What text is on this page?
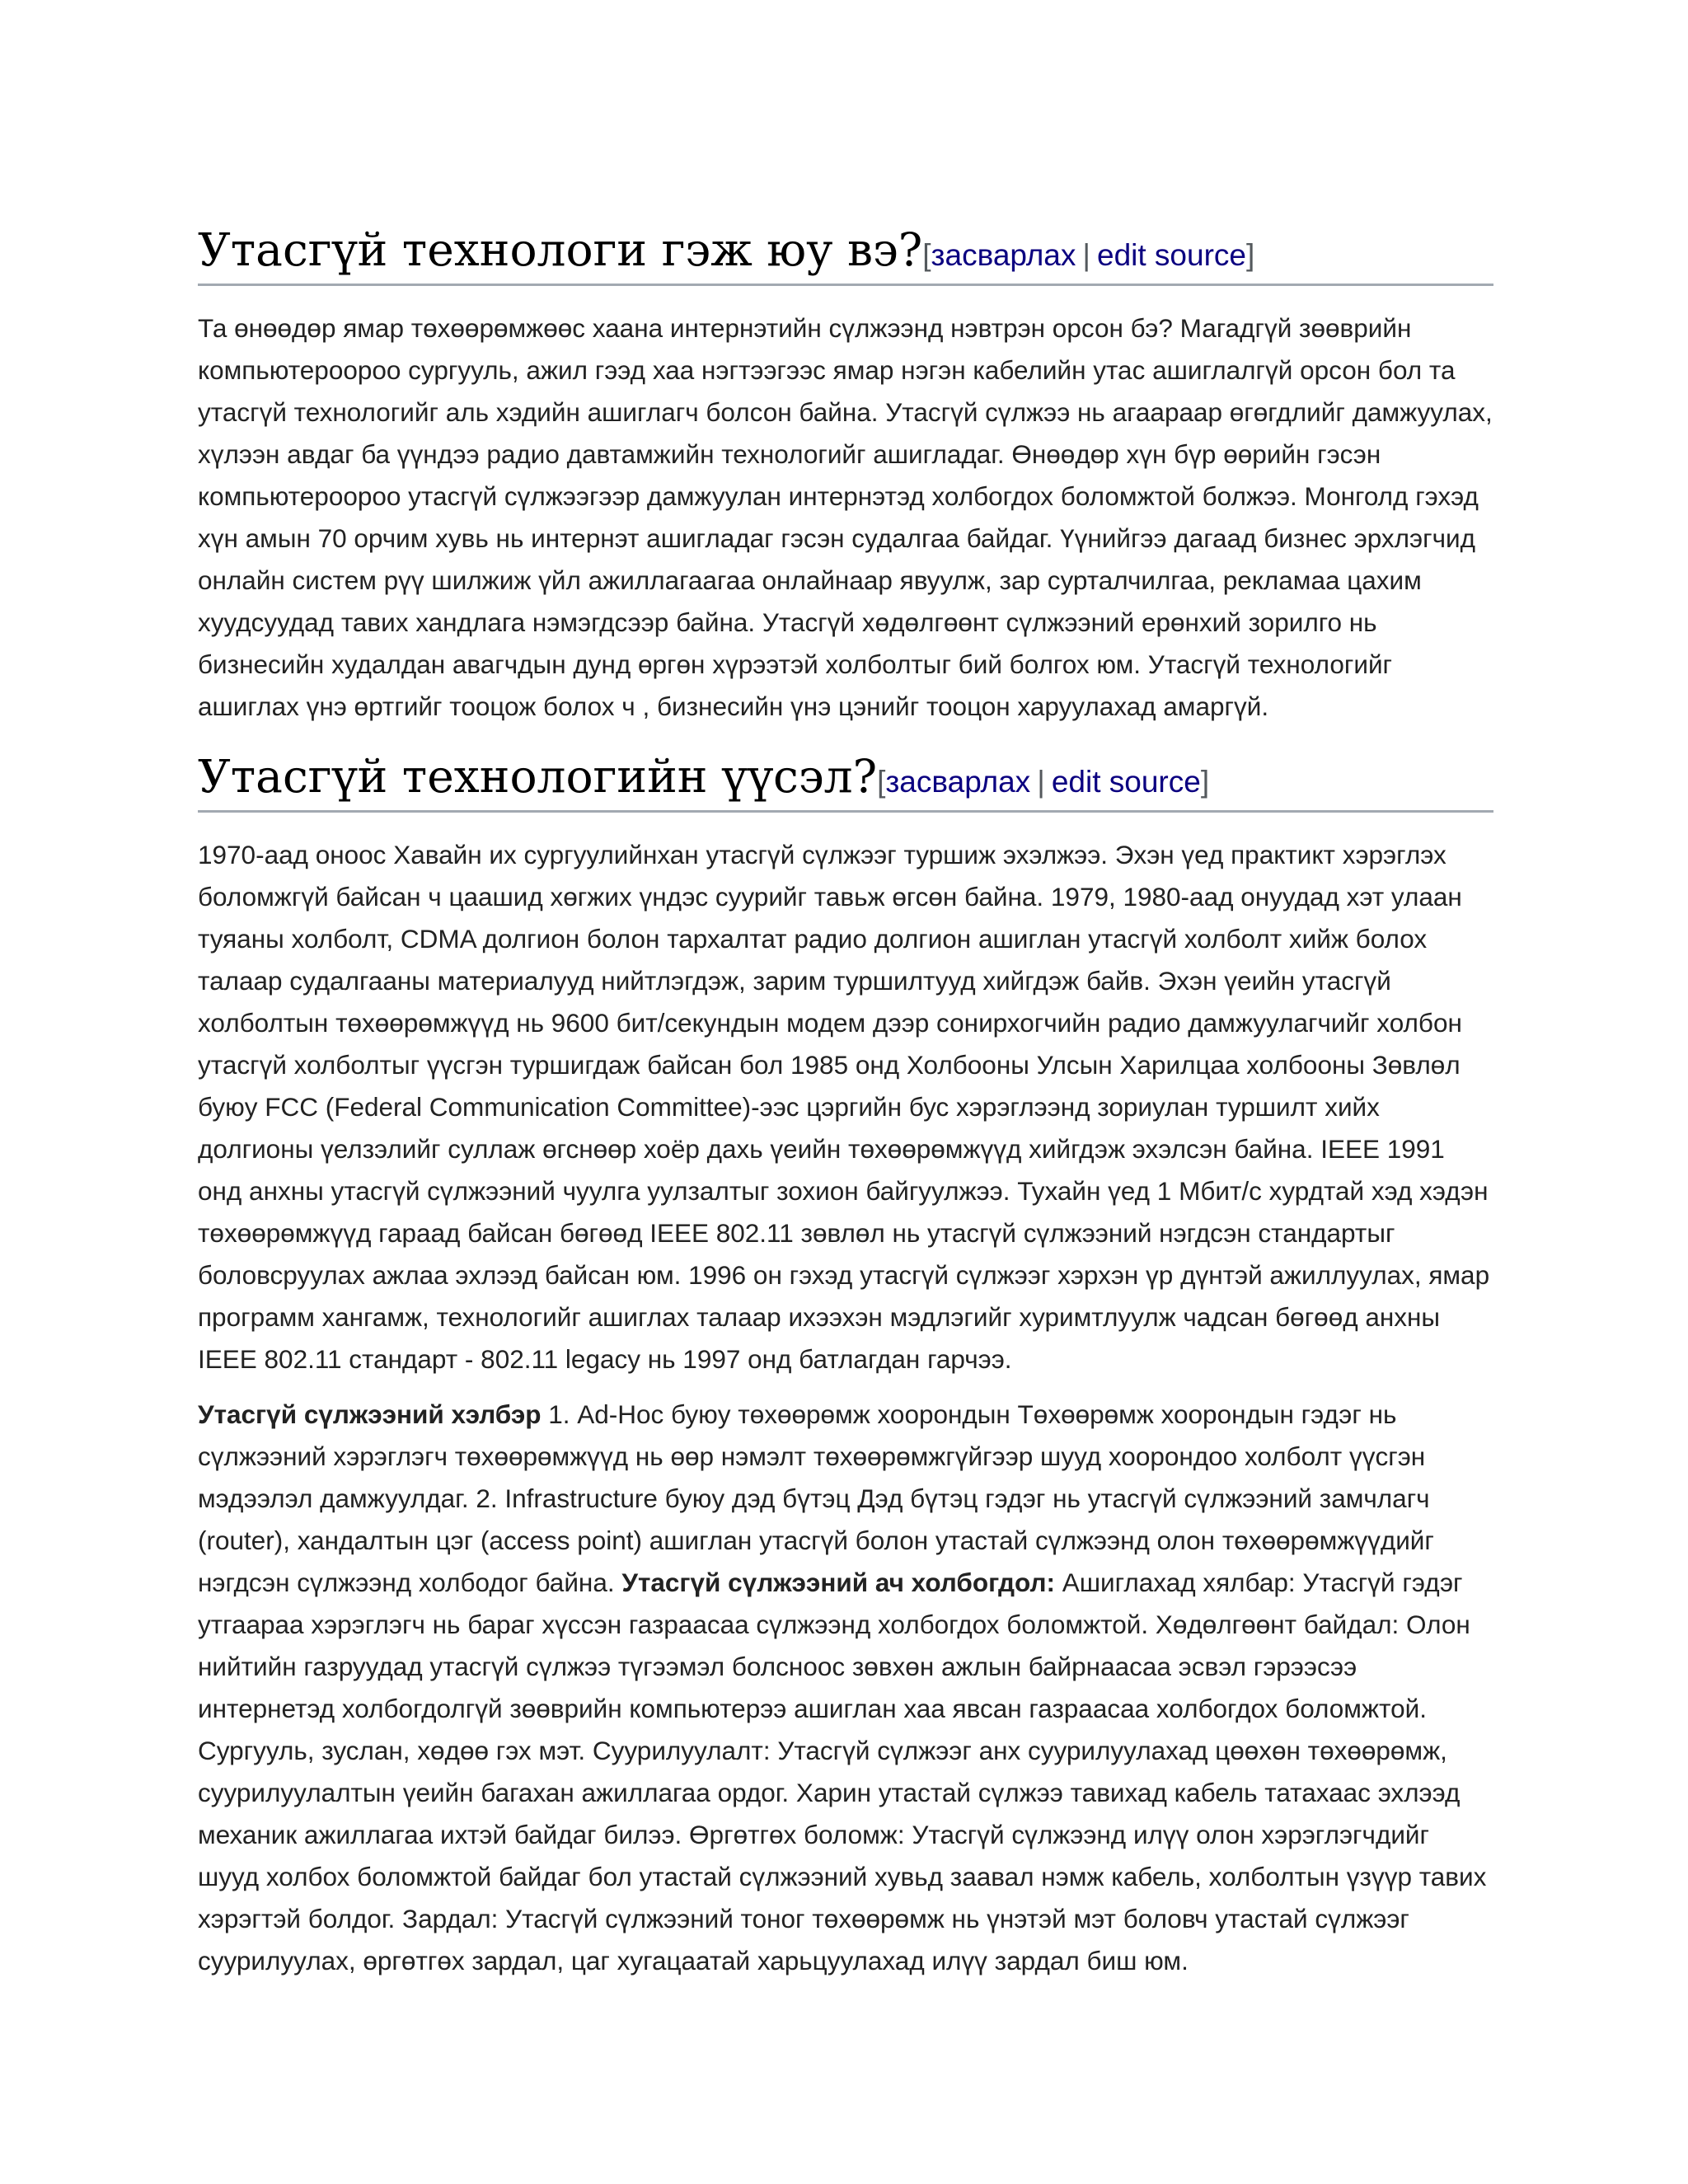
Утасгүй технологи гэж юу вэ?[засварлах | edit source]

Та өнөөдөр ямар төхөөрөмжөөс хаана интернэтийн сүлжээнд нэвтрэн орсон бэ? Магадгүй зөөврийн компьютероороо сургууль, ажил гээд хаа нэгтээгээс ямар нэгэн кабелийн утас ашиглалгүй орсон бол та утасгүй технологийг аль хэдийн ашиглагч болсон байна. Утасгүй сүлжээ нь агаараар өгөгдлийг дамжуулах, хүлээн авдаг ба үүндээ радио давтамжийн технологийг ашигладаг. Өнөөдөр хүн бүр өөрийн гэсэн компьютероороо утасгүй сүлжээгээр дамжуулан интернэтэд холбогдох боломжтой болжээ. Монголд гэхэд хүн амын 70 орчим хувь нь интернэт ашигладаг гэсэн судалгаа байдаг. Үүнийгээ дагаад бизнес эрхлэгчид онлайн систем рүү шилжиж үйл ажиллагаагаа онлайнаар явуулж, зар сурталчилгаа, рекламаа цахим хуудсуудад тавих хандлага нэмэгдсээр байна. Утасгүй хөдөлгөөнт сүлжээний ерөнхий зорилго нь бизнесийн худалдан авагчдын дунд өргөн хүрээтэй холболтыг бий болгох юм. Утасгүй технологийг ашиглах үнэ өртгийг тооцож болох ч , бизнесийн үнэ цэнийг тооцон харуулахад амаргүй.

Утасгүй технологийн үүсэл?[засварлах | edit source]

1970-аад оноос Хавайн их сургуулийнхан утасгүй сүлжээг туршиж эхэлжээ. Эхэн үед практикт хэрэглэх боломжгүй байсан ч цаашид хөгжих үндэс суурийг тавьж өгсөн байна. 1979, 1980-аад онуудад хэт улаан туяаны холболт, CDMA долгион болон тархалтат радио долгион ашиглан утасгүй холболт хийж болох талаар судалгааны материалууд нийтлэгдэж, зарим туршилтууд хийгдэж байв. Эхэн үеийн утасгүй холболтын төхөөрөмжүүд нь 9600 бит/секундын модем дээр сонирхогчийн радио дамжуулагчийг холбон утасгүй холболтыг үүсгэн туршигдаж байсан бол 1985 онд Холбооны Улсын Харилцаа холбооны Зөвлөл буюу FCC (Federal Communication Committee)-ээс цэргийн бус хэрэглээнд зориулан туршилт хийх долгионы үелзэлийг суллаж өгснөөр хоёр дахь үеийн төхөөрөмжүүд хийгдэж эхэлсэн байна. IEEE 1991 онд анхны утасгүй сүлжээний чуулга уулзалтыг зохион байгуулжээ. Тухайн үед 1 Мбит/с хурдтай хэд хэдэн төхөөрөмжүүд гараад байсан бөгөөд IEEE 802.11 зөвлөл нь утасгүй сүлжээний нэгдсэн стандартыг боловсруулах ажлаа эхлээд байсан юм. 1996 он гэхэд утасгүй сүлжээг хэрхэн үр дүнтэй ажиллуулах, ямар программ хангамж, технологийг ашиглах талаар ихээхэн мэдлэгийг хуримтлуулж чадсан бөгөөд анхны IEEE 802.11 стандарт - 802.11 legacy нь 1997 онд батлагдан гарчээ.

Утасгүй сүлжээний хэлбэр 1. Ad-Hoc буюу төхөөрөмж хоорондын Төхөөрөмж хоорондын гэдэг нь сүлжээний хэрэглэгч төхөөрөмжүүд нь өөр нэмэлт төхөөрөмжгүйгээр шууд хоорондоо холболт үүсгэн мэдээлэл дамжуулдаг. 2. Infrastructure буюу дэд бүтэц Дэд бүтэц гэдэг нь утасгүй сүлжээний замчлагч (router), хандалтын цэг (access point) ашиглан утасгүй болон утастай сүлжээнд олон төхөөрөмжүүдийг нэгдсэн сүлжээнд холбодог байна. Утасгүй сүлжээний ач холбогдол: Ашиглахад хялбар: Утасгүй гэдэг утгаараа хэрэглэгч нь бараг хүссэн газраасаа сүлжээнд холбогдох боломжтой. Хөдөлгөөнт байдал: Олон нийтийн газруудад утасгүй сүлжээ түгээмэл болсноос зөвхөн ажлын байрнаасаа эсвэл гэрээсээ интернетэд холбогдолгүй зөөврийн компьютерээ ашиглан хаа явсан газраасаа холбогдох боломжтой. Сургууль, зуслан, хөдөө гэх мэт. Суурилуулалт: Утасгүй сүлжээг анх суурилуулахад цөөхөн төхөөрөмж, суурилуулалтын үеийн багахан ажиллагаа ордог. Харин утастай сүлжээ тавихад кабель татахаас эхлээд механик ажиллагаа ихтэй байдаг билээ. Өргөтгөх боломж: Утасгүй сүлжээнд илүү олон хэрэглэгчдийг шууд холбох боломжтой байдаг бол утастай сүлжээний хувьд заавал нэмж кабель, холболтын үзүүр тавих хэрэгтэй болдог. Зардал: Утасгүй сүлжээний тоног төхөөрөмж нь үнэтэй мэт боловч утастай сүлжээг суурилуулах, өргөтгөх зардал, цаг хугацаатай харьцуулахад илүү зардал биш юм.
